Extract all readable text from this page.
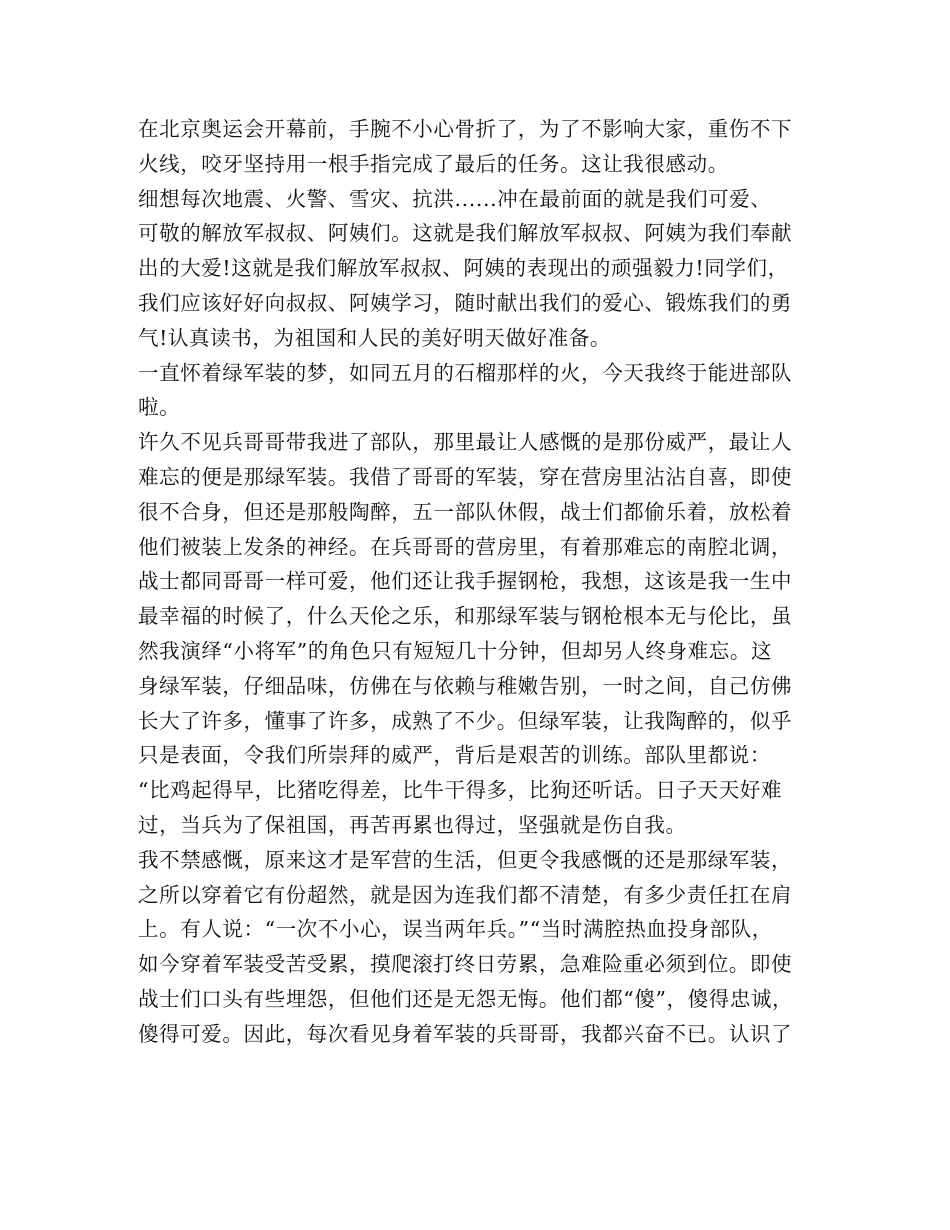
在北京奥运会开幕前，手腕不小心骨折了，为了不影响大家，重伤不下
火线，咬牙坚持用一根手指完成了最后的任务。这让我很感动。
细想每次地震、火警、雪灾、抗洪......冲在最前面的就是我们可爱、
可敬的解放军叔叔、阿姨们。这就是我们解放军叔叔、阿姨为我们奉献
出的大爱!这就是我们解放军叔叔、阿姨的表现出的顽强毅力!同学们，
我们应该好好向叔叔、阿姨学习，随时献出我们的爱心、锻炼我们的勇
气!认真读书，为祖国和人民的美好明天做好准备。
一直怀着绿军装的梦，如同五月的石榴那样的火，今天我终于能进部队
啦。
许久不见兵哥哥带我进了部队，那里最让人感慨的是那份威严，最让人
难忘的便是那绿军装。我借了哥哥的军装，穿在营房里沾沾自喜，即使
很不合身，但还是那般陶醉，五一部队休假，战士们都偷乐着，放松着
他们被装上发条的神经。在兵哥哥的营房里，有着那难忘的南腔北调，
战士都同哥哥一样可爱，他们还让我手握钢枪，我想，这该是我一生中
最幸福的时候了，什么天伦之乐，和那绿军装与钢枪根本无与伦比，虽
然我演绎“小将军”的角色只有短短几十分钟，但却另人终身难忘。这
身绿军装，仔细品味，仿佛在与依赖与稚嫩告别，一时之间，自己仿佛
长大了许多，懂事了许多，成熟了不少。但绿军装，让我陶醉的，似乎
只是表面，令我们所崇拜的威严，背后是艰苦的训练。部队里都说：
“比鸡起得早，比猪吃得差，比牛干得多，比狗还听话。日子天天好难
过，当兵为了保祖国，再苦再累也得过，坚强就是伤自我。
我不禁感慨，原来这才是军营的生活，但更令我感慨的还是那绿军装，
之所以穿着它有份超然，就是因为连我们都不清楚，有多少责任扛在肩
上。有人说：“一次不小心，误当两年兵。”“当时满腔热血投身部队，
如今穿着军装受苦受累，摸爬滚打终日劳累，急难险重必须到位。即使
战士们口头有些埋怨，但他们还是无怨无悔。他们都“傻”，傻得忠诚，
傻得可爱。因此，每次看见身着军装的兵哥哥，我都兴奋不已。认识了
